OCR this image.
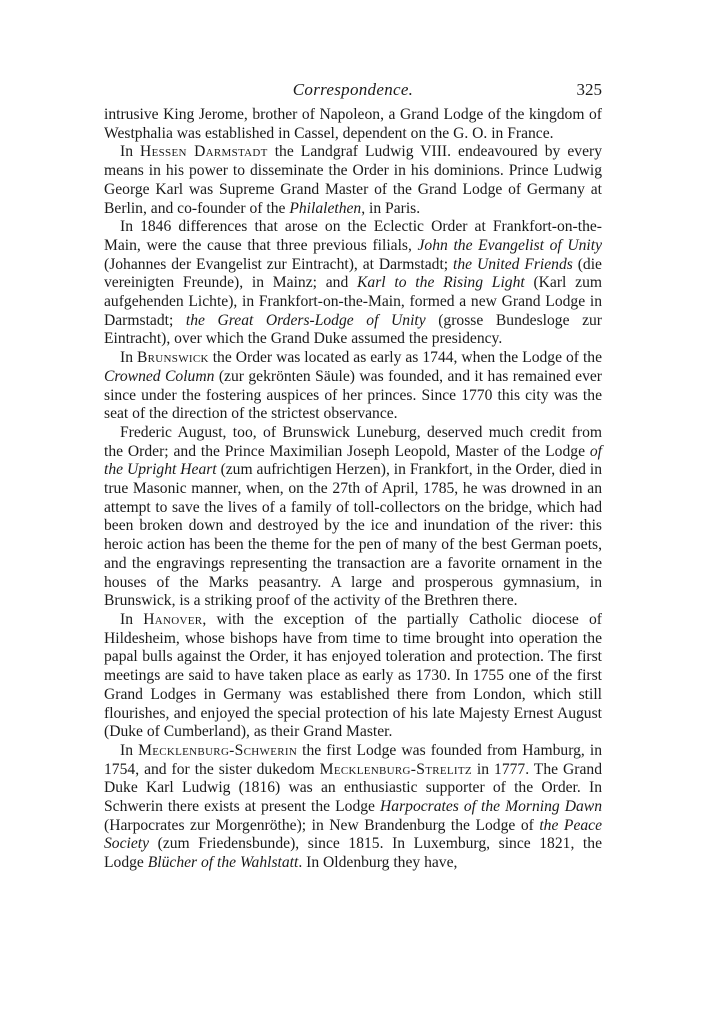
Correspondence.	325

intrusive King Jerome, brother of Napoleon, a Grand Lodge of the kingdom of Westphalia was established in Cassel, dependent on the G. O. in France.

In Hessen Darmstadt the Landgraf Ludwig VIII. endeavoured by every means in his power to disseminate the Order in his dominions. Prince Ludwig George Karl was Supreme Grand Master of the Grand Lodge of Germany at Berlin, and co-founder of the Philalethen, in Paris.

In 1846 differences that arose on the Eclectic Order at Frankfort-on-the-Main, were the cause that three previous filials, John the Evangelist of Unity (Johannes der Evangelist zur Eintracht), at Darmstadt; the United Friends (die vereinigten Freunde), in Mainz; and Karl to the Rising Light (Karl zum aufgehenden Lichte), in Frankfort-on-the-Main, formed a new Grand Lodge in Darmstadt; the Great Orders-Lodge of Unity (grosse Bundesloge zur Eintracht), over which the Grand Duke assumed the presidency.

In Brunswick the Order was located as early as 1744, when the Lodge of the Crowned Column (zur gekrönten Säule) was founded, and it has remained ever since under the fostering auspices of her princes. Since 1770 this city was the seat of the direction of the strictest observance.

Frederic August, too, of Brunswick Luneburg, deserved much credit from the Order; and the Prince Maximilian Joseph Leopold, Master of the Lodge of the Upright Heart (zum aufrichtigen Herzen), in Frankfort, in the Order, died in true Masonic manner, when, on the 27th of April, 1785, he was drowned in an attempt to save the lives of a family of toll-collectors on the bridge, which had been broken down and destroyed by the ice and inundation of the river: this heroic action has been the theme for the pen of many of the best German poets, and the engravings representing the transaction are a favorite ornament in the houses of the Marks peasantry. A large and prosperous gymnasium, in Brunswick, is a striking proof of the activity of the Brethren there.

In Hanover, with the exception of the partially Catholic diocese of Hildesheim, whose bishops have from time to time brought into operation the papal bulls against the Order, it has enjoyed toleration and protection. The first meetings are said to have taken place as early as 1730. In 1755 one of the first Grand Lodges in Germany was established there from London, which still flourishes, and enjoyed the special protection of his late Majesty Ernest August (Duke of Cumberland), as their Grand Master.

In Mecklenburg-Schwerin the first Lodge was founded from Hamburg, in 1754, and for the sister dukedom Mecklenburg-Strelitz in 1777. The Grand Duke Karl Ludwig (1816) was an enthusiastic supporter of the Order. In Schwerin there exists at present the Lodge Harpocrates of the Morning Dawn (Harpocrates zur Morgenröthe); in New Brandenburg the Lodge of the Peace Society (zum Friedensbunde), since 1815. In Luxemburg, since 1821, the Lodge Blücher of the Wahlstatt. In Oldenburg they have,
